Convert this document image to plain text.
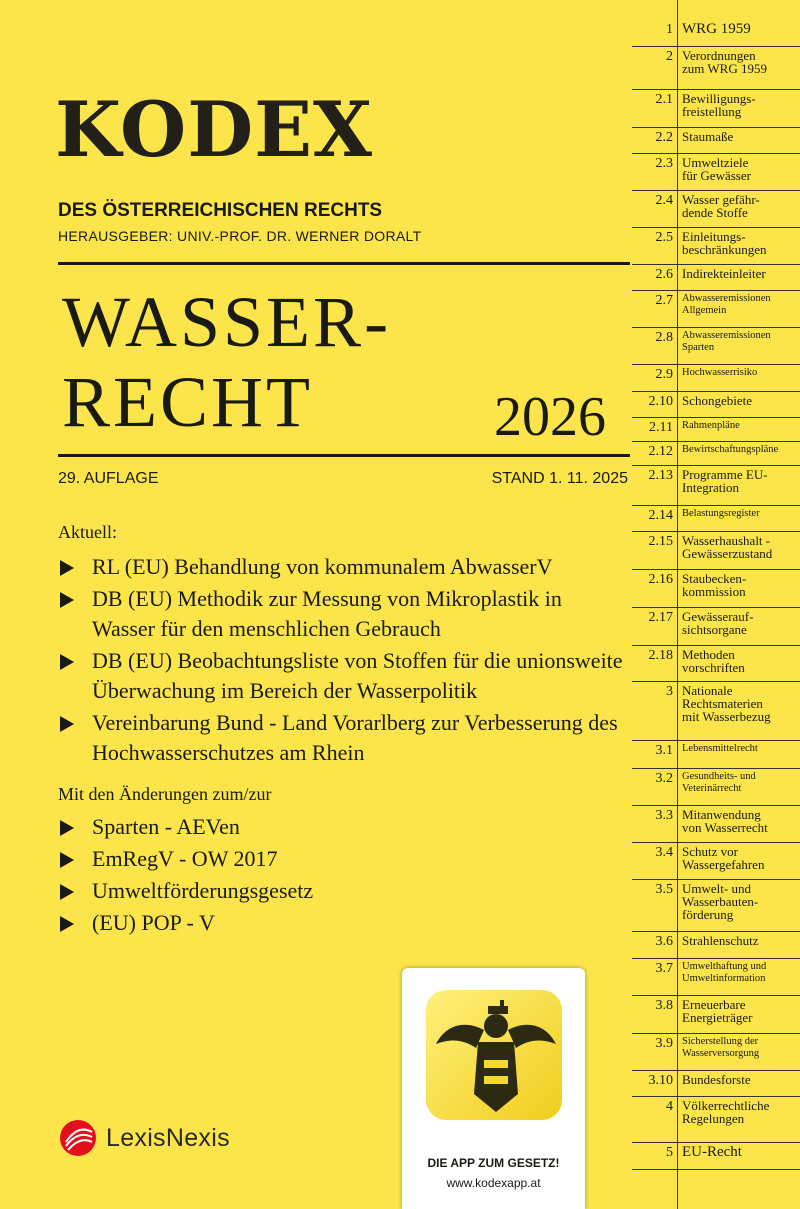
KODEX
DES ÖSTERREICHISCHEN RECHTS
HERAUSGEBER: UNIV.-PROF. DR. WERNER DORALT
WASSER-
RECHT	2026
29. AUFLAGE	STAND 1. 11. 2025
Aktuell:
RL (EU) Behandlung von kommunalem AbwasserV
DB (EU) Methodik zur Messung von Mikroplastik in Wasser für den menschlichen Gebrauch
DB (EU) Beobachtungsliste von Stoffen für die unionsweite Überwachung im Bereich der Wasserpolitik
Vereinbarung Bund - Land Vorarlberg zur Verbesserung des Hochwasserschutzes am Rhein
Mit den Änderungen zum/zur
Sparten - AEVen
EmRegV - OW 2017
Umweltförderungsgesetz
(EU) POP - V
LexisNexis
DIE APP ZUM GESETZ!
www.kodexapp.at
1 WRG 1959
2 Verordnungen
zum WRG 1959
2.1 Bewilligungs-
freistellung
2.2 Staumaße
2.3 Umweltziele
für Gewässer
2.4 Wasser gefähr-
dende Stoffe
2.5 Einleitungs-
beschränkungen
2.6 Indirekteinleiter
2.7 Abwasseremissionen
Allgemein
2.8 Abwasseremissionen
Sparten
2.9 Hochwasserrisiko
2.10 Schongebiete
2.11 Rahmenpläne
2.12 Bewirtschaftungspläne
2.13 Programme EU-
Integration
2.14 Belastungsregister
2.15 Wasserhaushalt -
Gewässerzustand
2.16 Staubecken-
kommission
2.17 Gewässerauf-
sichtsorgane
2.18 Methoden
vorschriften
3 Nationale
Rechtsmaterien
mit Wasserbezug
3.1 Lebensmittelrecht
3.2 Gesundheits- und
Veterinärrecht
3.3 Mitanwendung
von Wasserrecht
3.4 Schutz vor
Wassergefahren
3.5 Umwelt- und
Wasserbauten-
förderung
3.6 Strahlenschutz
3.7 Umwelthaftung und
Umweltinformation
3.8 Erneuerbare
Energieträger
3.9 Sicherstellung der
Wasserversorgung
3.10 Bundesforste
4 Völkerrechtliche
Regelungen
5 EU-Recht
